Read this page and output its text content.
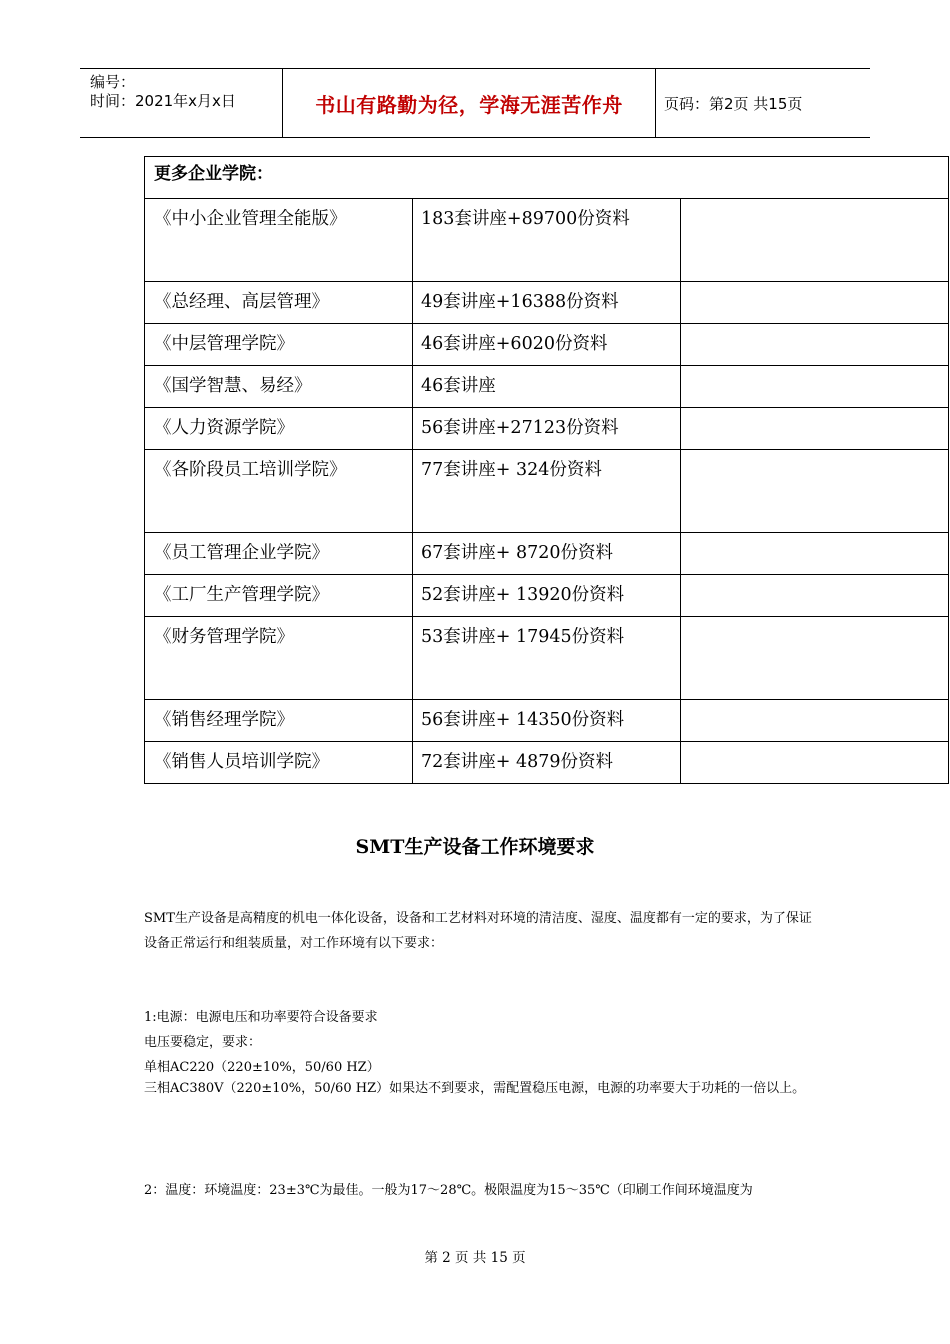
编号：
时间：2021年x月x日	书山有路勤为径，学海无涯苦作舟	页码：第2页 共15页
更多企业学院：		
《中小企业管理全能版》	183套讲座+89700份资料	
《总经理、高层管理》	49套讲座+16388份资料	
《中层管理学院》	46套讲座+6020份资料	
《国学智慧、易经》	46套讲座	
《人力资源学院》	56套讲座+27123份资料	
《各阶段员工培训学院》	77套讲座+ 324份资料	
《员工管理企业学院》	67套讲座+ 8720份资料	
《工厂生产管理学院》	52套讲座+ 13920份资料	
《财务管理学院》	53套讲座+ 17945份资料	
《销售经理学院》	56套讲座+ 14350份资料	
《销售人员培训学院》	72套讲座+ 4879份资料	
SMT生产设备工作环境要求
SMT生产设备是高精度的机电一体化设备，设备和工艺材料对环境的清洁度、湿度、温度都有一定的要求，为了保证设备正常运行和组装质量，对工作环境有以下要求：
1:电源：电源电压和功率要符合设备要求
电压要稳定，要求：
单相AC220（220±10%，50/60 HZ）
三相AC380V（220±10%，50/60 HZ）如果达不到要求，需配置稳压电源，电源的功率要大于功耗的一倍以上。
2：温度：环境温度：23±3℃为最佳。一般为17～28℃。极限温度为15～35℃（印刷工作间环境温度为
第 2 页 共 15 页
